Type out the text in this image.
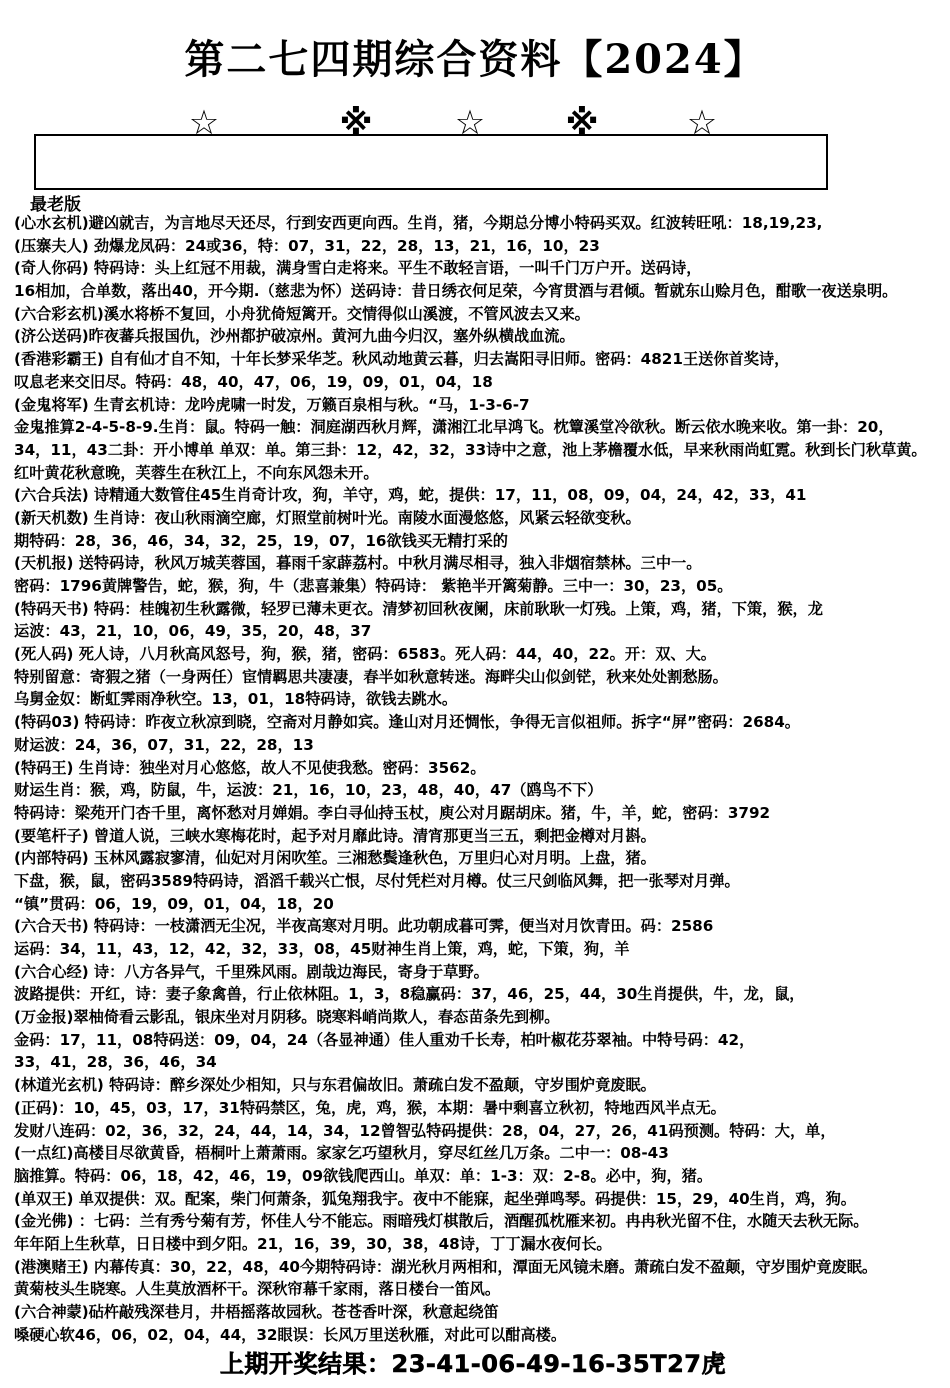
第二七四期综合资料【2024】
☆	※ ☆ ※	☆
最老版
(心水玄机)避凶就吉，为言地尽天还尽，行到安西更向西。生肖，猪，今期总分博小特码买双。红波转旺吼：18,19,23,
(压寨夫人) 劲爆龙凤码：24或36，特：07，31，22，28，13，21，16，10，23
(奇人你码) 特码诗：头上红冠不用裁，满身雪白走将来。平生不敢轻言语，一叫千门万户开。送码诗，
16相加，合单数，落出40，开今期.（慈悲为怀）送码诗：昔日绣衣何足荣，今宵贯酒与君倾。暂就东山赊月色，酣歌一夜送泉明。
(六合彩玄机)溪水将桥不复回，小舟犹倚短篱开。交情得似山溪渡，不管风波去又来。
(济公送码)昨夜蕃兵报国仇，沙州都护破凉州。黄河九曲今归汉，塞外纵横战血流。
(香港彩霸王) 自有仙才自不知，十年长梦采华芝。秋风动地黄云暮，归去嵩阳寻旧师。密码：4821王送你首奖诗，
叹息老来交旧尽。特码：48，40，47，06，19，09，01，04，18
(金鬼将军) 生青玄机诗：龙吟虎啸一时发，万籁百泉相与秋。“马，1-3-6-7
金鬼推算2-4-5-8-9.生肖：鼠。特码一触：洞庭湖西秋月辉，潇湘江北早鸿飞。枕簟溪堂冷欲秋。断云依水晚来收。第一卦：20，
34，11，43二卦：开小博单 单双：单。第三卦：12，42，32，33诗中之意，池上茅檐覆水低，早来秋雨尚虹霓。秋到长门秋草黄。
红叶黄花秋意晚，芙蓉生在秋江上，不向东风怨未开。
(六合兵法) 诗精通大数管住45生肖奇计攻，狗，羊守，鸡，蛇，提供：17，11，08，09，04，24，42，33，41
(新天机数) 生肖诗：夜山秋雨滴空廊，灯照堂前树叶光。南陵水面漫悠悠，风紧云轻欲变秋。
期特码：28，36，46，34，32，25，19，07，16欲钱买无精打采的
(天机报) 送特码诗，秋风万城芙蓉国，暮雨千家薜荔村。中秋月满尽相寻，独入非烟宿禁林。三中一。
密码：1796黄牌警告，蛇，猴，狗，牛（悲喜兼集）特码诗： 紫艳半开篱菊静。三中一：30，23，05。
(特码天书) 特码：桂魄初生秋露微，轻罗已薄未更衣。清梦初回秋夜阑，床前耿耿一灯残。上策，鸡，猪，下策，猴，龙
运波：43，21，10，06，49，35，20，48，37
(死人码) 死人诗，八月秋高风怒号，狗，猴，猪，密码：6583。死人码：44，40，22。开：双、大。
特别留意：寄猳之猪（一身两任）宦情羁思共凄凄，春半如秋意转迷。海畔尖山似剑铓，秋来处处割愁肠。
乌舅金奴：断虹霁雨净秋空。13，01，18特码诗，欲钱去跳水。
(特码03) 特码诗：昨夜立秋凉到晓，空斋对月静如宾。逢山对月还惆怅，争得无言似祖师。拆字“屏”密码：2684。
财运波：24，36，07，31，22，28，13
(特码王) 生肖诗：独坐对月心悠悠，故人不见使我愁。密码：3562。
财运生肖：猴，鸡，防鼠，牛，运波：21，16，10，23，48，40，47（鸥鸟不下）
特码诗：梁苑开门杏千里，离怀愁对月婵娟。李白寻仙持玉杖，庾公对月踞胡床。猪，牛，羊，蛇，密码：3792
(要笔杆子) 曾道人说，三峡水寒梅花时，起予对月靡此诗。清宵那更当三五，剩把金樽对月斟。
(内部特码) 玉林风露寂寥清，仙妃对月闲吹笙。三湘愁鬓逢秋色，万里归心对月明。上盘，猪。
下盘，猴，鼠，密码3589特码诗，滔滔千载兴亡恨，尽付凭栏对月樽。仗三尺剑临风舞，把一张琴对月弹。
“镇”贯码：06，19，09，01，04，18，20
(六合天书) 特码诗：一枝潇洒无尘况，半夜高寒对月明。此功朝成暮可霁，便当对月饮青田。码：2586
运码：34，11，43，12，42，32，33，08，45财神生肖上策，鸡，蛇，下策，狗，羊
(六合心经) 诗：八方各异气，千里殊风雨。剧哉边海民，寄身于草野。
波路提供：开红，诗：妻子象禽兽，行止依林阻。1，3，8稳赢码：37，46，25，44，30生肖提供，牛，龙，鼠，
(万金报)翠柚倚看云影乱，银床坐对月阴移。晓寒料峭尚欺人，春态苗条先到柳。
金码：17，11，08特码送：09，04，24（各显神通）佳人重劝千长寿，柏叶椒花芬翠袖。中特号码：42，
33，41，28，36，46，34
(林道光玄机) 特码诗：醉乡深处少相知，只与东君偏故旧。萧疏白发不盈颠，守岁围炉竟废眠。
(正码)：10，45，03，17，31特码禁区，兔，虎，鸡，猴，本期：暑中剩喜立秋初，特地西风半点无。
发财八连码：02，36，32，24，44，14，34，12曾智弘特码提供：28，04，27，26，41码预测。特码：大，单，
(一点红)高楼目尽欲黄昏，梧桐叶上萧萧雨。家家乞巧望秋月，穿尽红丝几万条。二中一：08-43
脑推算。特码：06，18，42，46，19，09欲钱爬西山。单双：单：1-3：双：2-8。必中，狗，猪。
(单双王) 单双提供：双。配案，柴门何萧条，狐兔翔我宇。夜中不能寐，起坐弹鸣琴。码提供：15，29，40生肖，鸡，狗。
(金光佛) ：七码：兰有秀兮菊有芳，怀佳人兮不能忘。雨暗残灯棋散后，酒醒孤枕雁来初。冉冉秋光留不住，水随天去秋无际。
年年陌上生秋草，日日楼中到夕阳。21，16，39，30，38，48诗，丁丁漏水夜何长。
(港澳赌王) 内幕传真：30，22，48，40今期特码诗：湖光秋月两相和，潭面无风镜未磨。萧疏白发不盈颠，守岁围炉竟废眠。
黄菊枝头生晓寒。人生莫放酒杯干。深秋帘幕千家雨，落日楼台一笛风。
(六合神蒙)砧杵敲残深巷月，井梧摇落故园秋。苍苍香叶深，秋意起绕笛
嗓硬心软46，06，02，04，44，32眼误：长风万里送秋雁，对此可以酣高楼。
上期开奖结果：23-41-06-49-16-35T27虎
